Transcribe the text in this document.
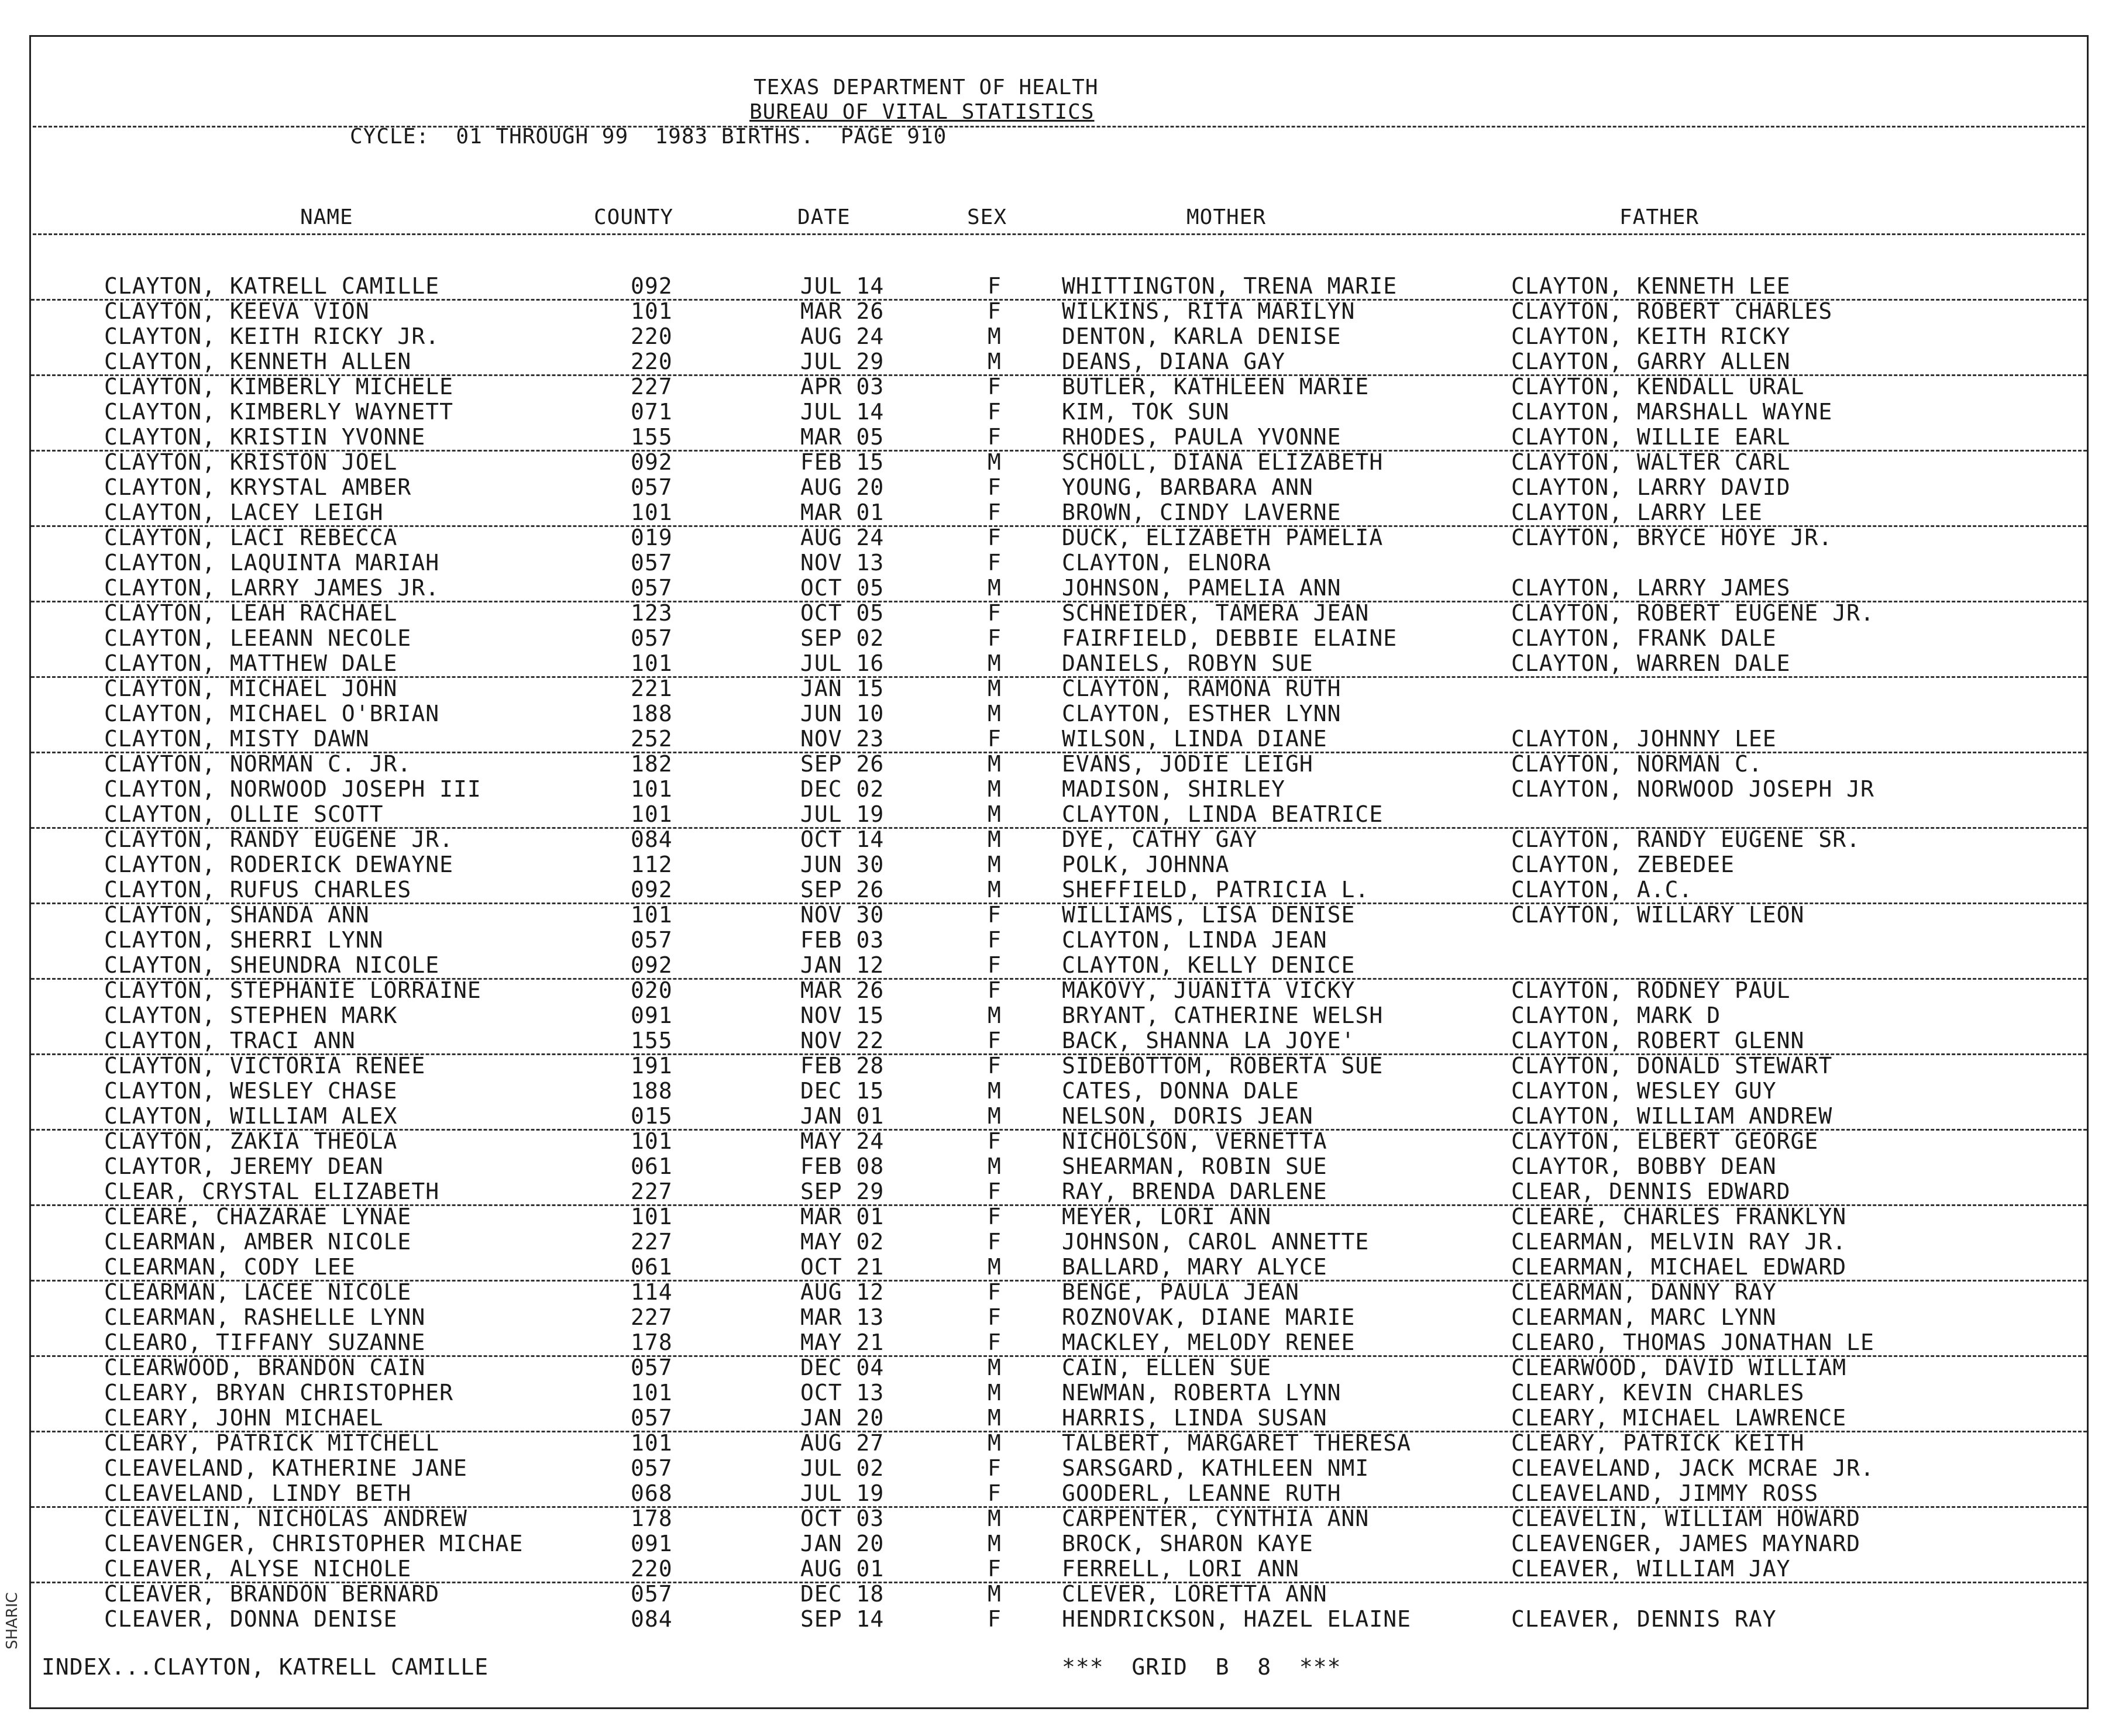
SHARIC
TEXAS DEPARTMENT OF HEALTH
BUREAU OF VITAL STATISTICS
CYCLE:  01 THROUGH 99  1983 BIRTHS.  PAGE 910
NAME	COUNTY	DATE	SEX	MOTHER	FATHER
CLAYTON, KATRELL CAMILLE	092	JUL 14	F	WHITTINGTON, TRENA MARIE	CLAYTON, KENNETH LEE
CLAYTON, KEEVA VION	101	MAR 26	F	WILKINS, RITA MARILYN	CLAYTON, ROBERT CHARLES
CLAYTON, KEITH RICKY JR.	220	AUG 24	M	DENTON, KARLA DENISE	CLAYTON, KEITH RICKY
CLAYTON, KENNETH ALLEN	220	JUL 29	M	DEANS, DIANA GAY	CLAYTON, GARRY ALLEN
CLAYTON, KIMBERLY MICHELE	227	APR 03	F	BUTLER, KATHLEEN MARIE	CLAYTON, KENDALL URAL
CLAYTON, KIMBERLY WAYNETT	071	JUL 14	F	KIM, TOK SUN	CLAYTON, MARSHALL WAYNE
CLAYTON, KRISTIN YVONNE	155	MAR 05	F	RHODES, PAULA YVONNE	CLAYTON, WILLIE EARL
CLAYTON, KRISTON JOEL	092	FEB 15	M	SCHOLL, DIANA ELIZABETH	CLAYTON, WALTER CARL
CLAYTON, KRYSTAL AMBER	057	AUG 20	F	YOUNG, BARBARA ANN	CLAYTON, LARRY DAVID
CLAYTON, LACEY LEIGH	101	MAR 01	F	BROWN, CINDY LAVERNE	CLAYTON, LARRY LEE
CLAYTON, LACI REBECCA	019	AUG 24	F	DUCK, ELIZABETH PAMELIA	CLAYTON, BRYCE HOYE JR.
CLAYTON, LAQUINTA MARIAH	057	NOV 13	F	CLAYTON, ELNORA
CLAYTON, LARRY JAMES JR.	057	OCT 05	M	JOHNSON, PAMELIA ANN	CLAYTON, LARRY JAMES
CLAYTON, LEAH RACHAEL	123	OCT 05	F	SCHNEIDER, TAMERA JEAN	CLAYTON, ROBERT EUGENE JR.
CLAYTON, LEEANN NECOLE	057	SEP 02	F	FAIRFIELD, DEBBIE ELAINE	CLAYTON, FRANK DALE
CLAYTON, MATTHEW DALE	101	JUL 16	M	DANIELS, ROBYN SUE	CLAYTON, WARREN DALE
CLAYTON, MICHAEL JOHN	221	JAN 15	M	CLAYTON, RAMONA RUTH
CLAYTON, MICHAEL O'BRIAN	188	JUN 10	M	CLAYTON, ESTHER LYNN
CLAYTON, MISTY DAWN	252	NOV 23	F	WILSON, LINDA DIANE	CLAYTON, JOHNNY LEE
CLAYTON, NORMAN C. JR.	182	SEP 26	M	EVANS, JODIE LEIGH	CLAYTON, NORMAN C.
CLAYTON, NORWOOD JOSEPH III	101	DEC 02	M	MADISON, SHIRLEY	CLAYTON, NORWOOD JOSEPH JR
CLAYTON, OLLIE SCOTT	101	JUL 19	M	CLAYTON, LINDA BEATRICE
CLAYTON, RANDY EUGENE JR.	084	OCT 14	M	DYE, CATHY GAY	CLAYTON, RANDY EUGENE SR.
CLAYTON, RODERICK DEWAYNE	112	JUN 30	M	POLK, JOHNNA	CLAYTON, ZEBEDEE
CLAYTON, RUFUS CHARLES	092	SEP 26	M	SHEFFIELD, PATRICIA L.	CLAYTON, A.C.
CLAYTON, SHANDA ANN	101	NOV 30	F	WILLIAMS, LISA DENISE	CLAYTON, WILLARY LEON
CLAYTON, SHERRI LYNN	057	FEB 03	F	CLAYTON, LINDA JEAN
CLAYTON, SHEUNDRA NICOLE	092	JAN 12	F	CLAYTON, KELLY DENICE
CLAYTON, STEPHANIE LORRAINE	020	MAR 26	F	MAKOVY, JUANITA VICKY	CLAYTON, RODNEY PAUL
CLAYTON, STEPHEN MARK	091	NOV 15	M	BRYANT, CATHERINE WELSH	CLAYTON, MARK D
CLAYTON, TRACI ANN	155	NOV 22	F	BACK, SHANNA LA JOYE'	CLAYTON, ROBERT GLENN
CLAYTON, VICTORIA RENEE	191	FEB 28	F	SIDEBOTTOM, ROBERTA SUE	CLAYTON, DONALD STEWART
CLAYTON, WESLEY CHASE	188	DEC 15	M	CATES, DONNA DALE	CLAYTON, WESLEY GUY
CLAYTON, WILLIAM ALEX	015	JAN 01	M	NELSON, DORIS JEAN	CLAYTON, WILLIAM ANDREW
CLAYTON, ZAKIA THEOLA	101	MAY 24	F	NICHOLSON, VERNETTA	CLAYTON, ELBERT GEORGE
CLAYTOR, JEREMY DEAN	061	FEB 08	M	SHEARMAN, ROBIN SUE	CLAYTOR, BOBBY DEAN
CLEAR, CRYSTAL ELIZABETH	227	SEP 29	F	RAY, BRENDA DARLENE	CLEAR, DENNIS EDWARD
CLEARE, CHAZARAE LYNAE	101	MAR 01	F	MEYER, LORI ANN	CLEARE, CHARLES FRANKLYN
CLEARMAN, AMBER NICOLE	227	MAY 02	F	JOHNSON, CAROL ANNETTE	CLEARMAN, MELVIN RAY JR.
CLEARMAN, CODY LEE	061	OCT 21	M	BALLARD, MARY ALYCE	CLEARMAN, MICHAEL EDWARD
CLEARMAN, LACEE NICOLE	114	AUG 12	F	BENGE, PAULA JEAN	CLEARMAN, DANNY RAY
CLEARMAN, RASHELLE LYNN	227	MAR 13	F	ROZNOVAK, DIANE MARIE	CLEARMAN, MARC LYNN
CLEARO, TIFFANY SUZANNE	178	MAY 21	F	MACKLEY, MELODY RENEE	CLEARO, THOMAS JONATHAN LE
CLEARWOOD, BRANDON CAIN	057	DEC 04	M	CAIN, ELLEN SUE	CLEARWOOD, DAVID WILLIAM
CLEARY, BRYAN CHRISTOPHER	101	OCT 13	M	NEWMAN, ROBERTA LYNN	CLEARY, KEVIN CHARLES
CLEARY, JOHN MICHAEL	057	JAN 20	M	HARRIS, LINDA SUSAN	CLEARY, MICHAEL LAWRENCE
CLEARY, PATRICK MITCHELL	101	AUG 27	M	TALBERT, MARGARET THERESA	CLEARY, PATRICK KEITH
CLEAVELAND, KATHERINE JANE	057	JUL 02	F	SARSGARD, KATHLEEN NMI	CLEAVELAND, JACK MCRAE JR.
CLEAVELAND, LINDY BETH	068	JUL 19	F	GOODERL, LEANNE RUTH	CLEAVELAND, JIMMY ROSS
CLEAVELIN, NICHOLAS ANDREW	178	OCT 03	M	CARPENTER, CYNTHIA ANN	CLEAVELIN, WILLIAM HOWARD
CLEAVENGER, CHRISTOPHER MICHAE	091	JAN 20	M	BROCK, SHARON KAYE	CLEAVENGER, JAMES MAYNARD
CLEAVER, ALYSE NICHOLE	220	AUG 01	F	FERRELL, LORI ANN	CLEAVER, WILLIAM JAY
CLEAVER, BRANDON BERNARD	057	DEC 18	M	CLEVER, LORETTA ANN
CLEAVER, DONNA DENISE	084	SEP 14	F	HENDRICKSON, HAZEL ELAINE	CLEAVER, DENNIS RAY
INDEX...CLAYTON, KATRELL CAMILLE	***  GRID  B  8  ***
